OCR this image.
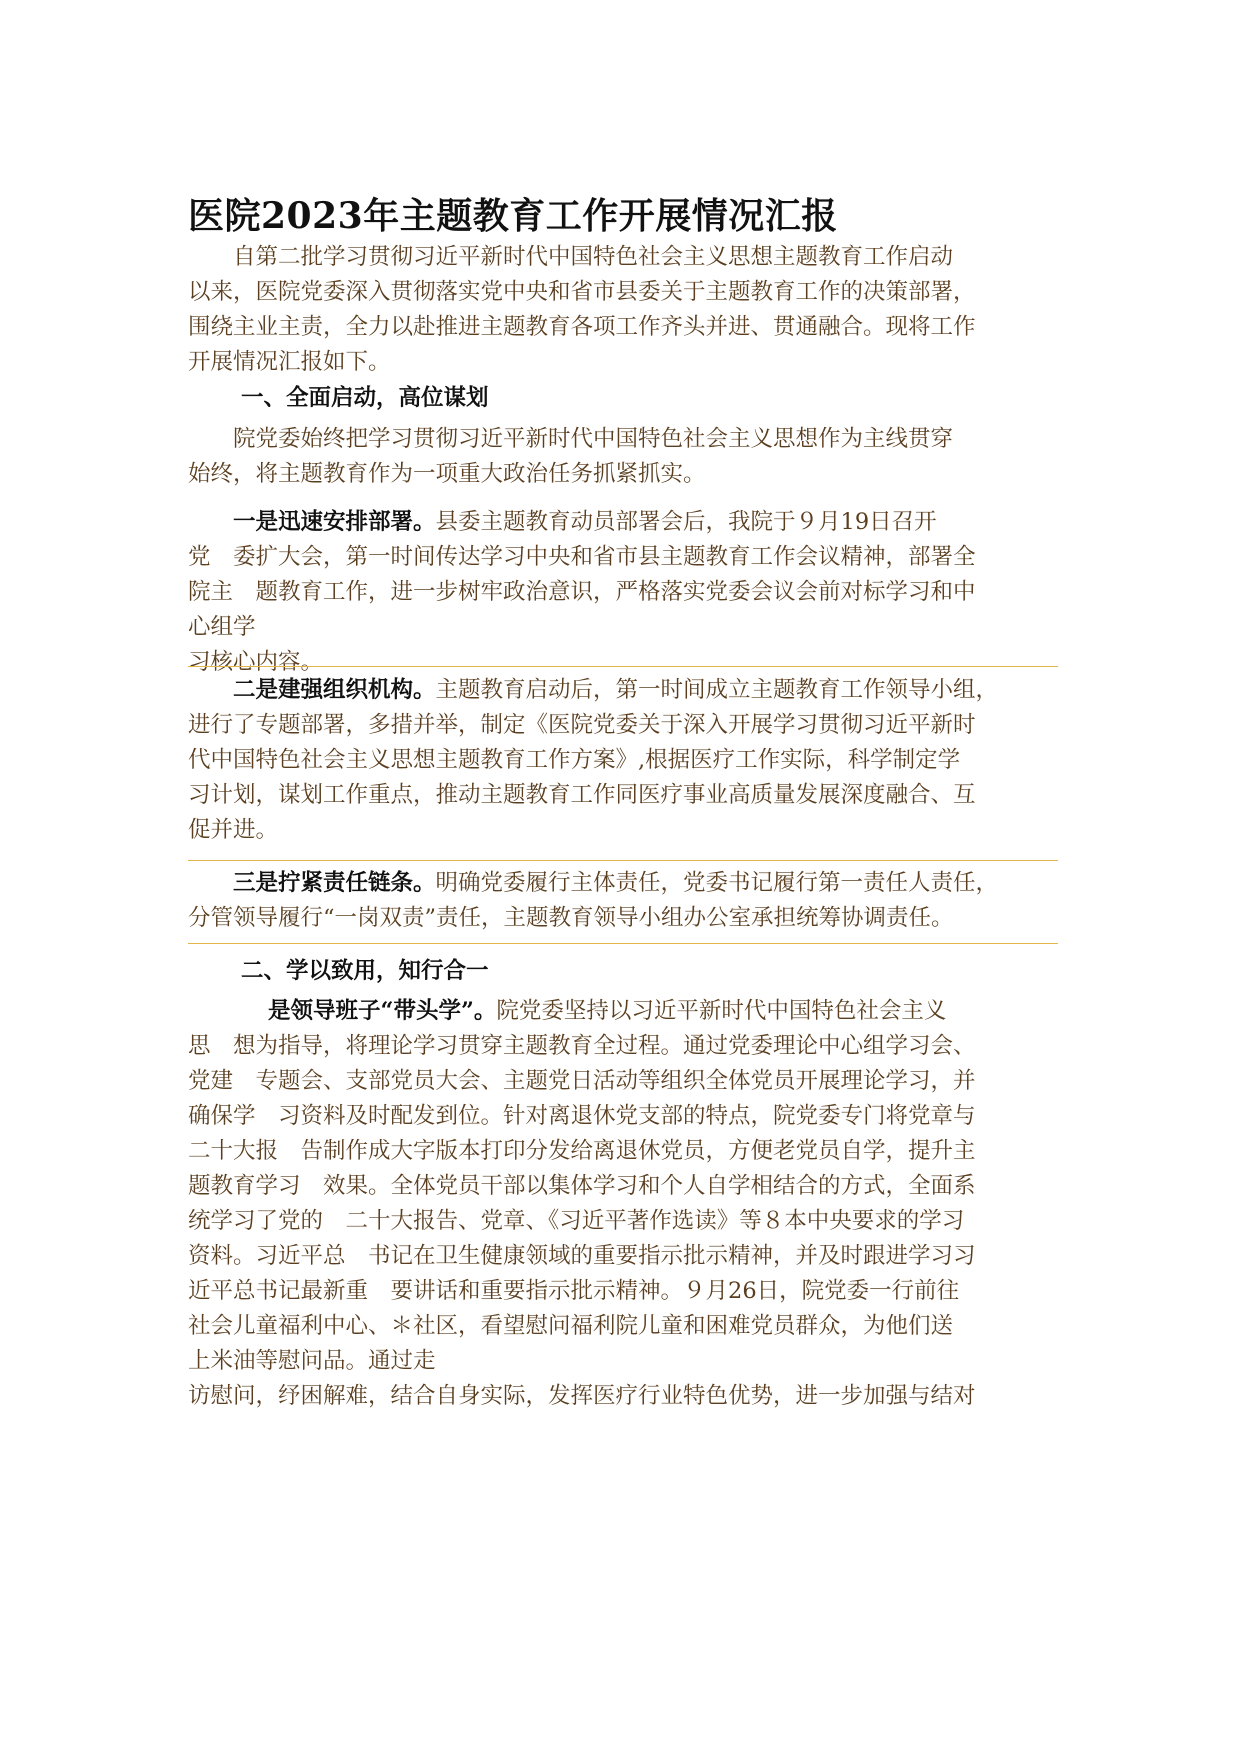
医院2023年主题教育工作开展情况汇报

自第二批学习贯彻习近平新时代中国特色社会主义思想主题教育工作启动
以来，医院党委深入贯彻落实党中央和省市县委关于主题教育工作的决策部署，
围绕主业主责，全力以赴推进主题教育各项工作齐头并进、贯通融合。现将工作
开展情况汇报如下。

一、全面启动，高位谋划

院党委始终把学习贯彻习近平新时代中国特色社会主义思想作为主线贯穿
始终，将主题教育作为一项重大政治任务抓紧抓实。

一是迅速安排部署。县委主题教育动员部署会后，我院于９月19日召开
党　委扩大会，第一时间传达学习中央和省市县主题教育工作会议精神，部署全
院主　题教育工作，进一步树牢政治意识，严格落实党委会议会前对标学习和中
心组学
习核心内容。

二是建强组织机构。主题教育启动后，第一时间成立主题教育工作领导小组，
进行了专题部署，多措并举，制定《医院党委关于深入开展学习贯彻习近平新时
代中国特色社会主义思想主题教育工作方案》,根据医疗工作实际，科学制定学
习计划，谋划工作重点，推动主题教育工作同医疗事业高质量发展深度融合、互
促并进。

三是拧紧责任链条。明确党委履行主体责任，党委书记履行第一责任人责任，
分管领导履行“一岗双责”责任，主题教育领导小组办公室承担统筹协调责任。

二、学以致用，知行合一

是领导班子“带头学”。院党委坚持以习近平新时代中国特色社会主义
思　想为指导，将理论学习贯穿主题教育全过程。通过党委理论中心组学习会、
党建　专题会、支部党员大会、主题党日活动等组织全体党员开展理论学习，并
确保学　习资料及时配发到位。针对离退休党支部的特点，院党委专门将党章与
二十大报　告制作成大字版本打印分发给离退休党员，方便老党员自学，提升主
题教育学习　效果。全体党员干部以集体学习和个人自学相结合的方式，全面系
统学习了党的　二十大报告、党章、《习近平著作选读》等８本中央要求的学习
资料。习近平总　书记在卫生健康领域的重要指示批示精神，并及时跟进学习习
近平总书记最新重　要讲话和重要指示批示精神。９月26日，院党委一行前往
社会儿童福利中心、＊社区，看望慰问福利院儿童和困难党员群众，为他们送
上米油等慰问品。通过走
访慰问，纾困解难，结合自身实际，发挥医疗行业特色优势，进一步加强与结对
